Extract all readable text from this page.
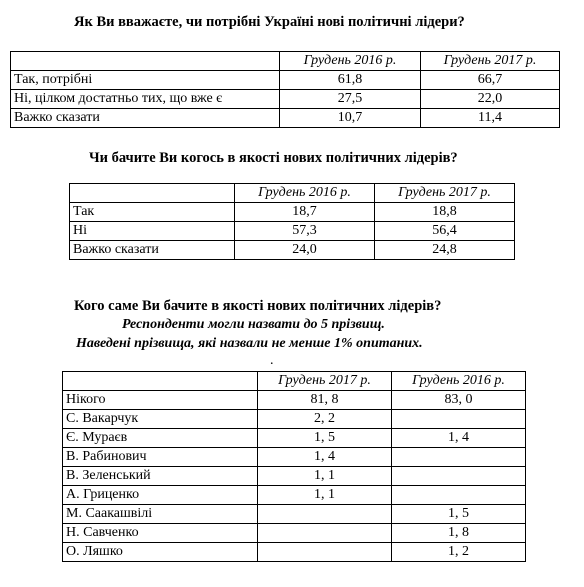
Як Ви вважаєте, чи потрібні Україні нові політичні лідери?
	Грудень 2016 р.	Грудень 2017 р.
Так, потрібні	61,8	66,7
Ні, цілком достатньо тих, що вже є	27,5	22,0
Важко сказати	10,7	11,4
Чи бачите Ви когось в якості нових політичних лідерів?
	Грудень 2016 р.	Грудень 2017 р.
Так	18,7	18,8
Ні	57,3	56,4
Важко сказати	24,0	24,8
Кого саме Ви бачите в якості нових політичних лідерів?
Респонденти могли назвати до 5 прізвищ.
Наведені прізвища, які назвали не менше 1% опитаних.
.
	Грудень 2017 р.	Грудень 2016 р.
Нікого	81, 8	83, 0
С. Вакарчук	2, 2	
Є. Мураєв	1, 5	1, 4
В. Рабинович	1, 4	
В. Зеленський	1, 1	
А. Гриценко	1, 1	
М. Саакашвілі		1, 5
Н. Савченко		1, 8
О. Ляшко		1, 2
